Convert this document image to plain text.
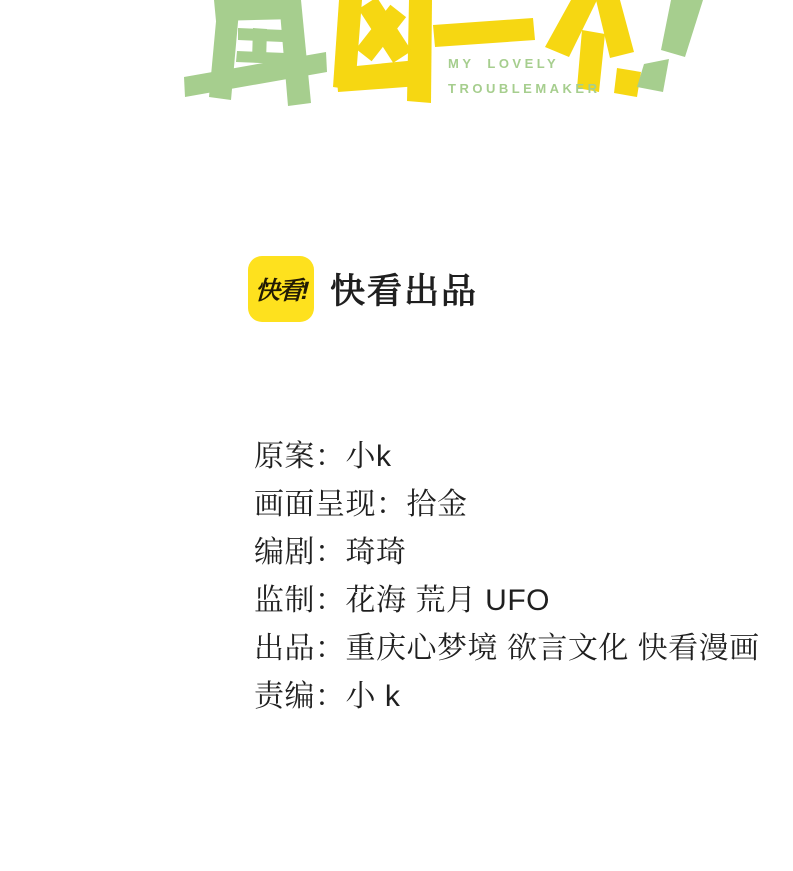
MY LOVELY
TROUBLEMAKER
快看! 快看出品
原案：小k
画面呈现：拾金
编剧：琦琦
监制：花海 荒月 UFO
出品：重庆心梦境 欲言文化 快看漫画
责编：小 k
